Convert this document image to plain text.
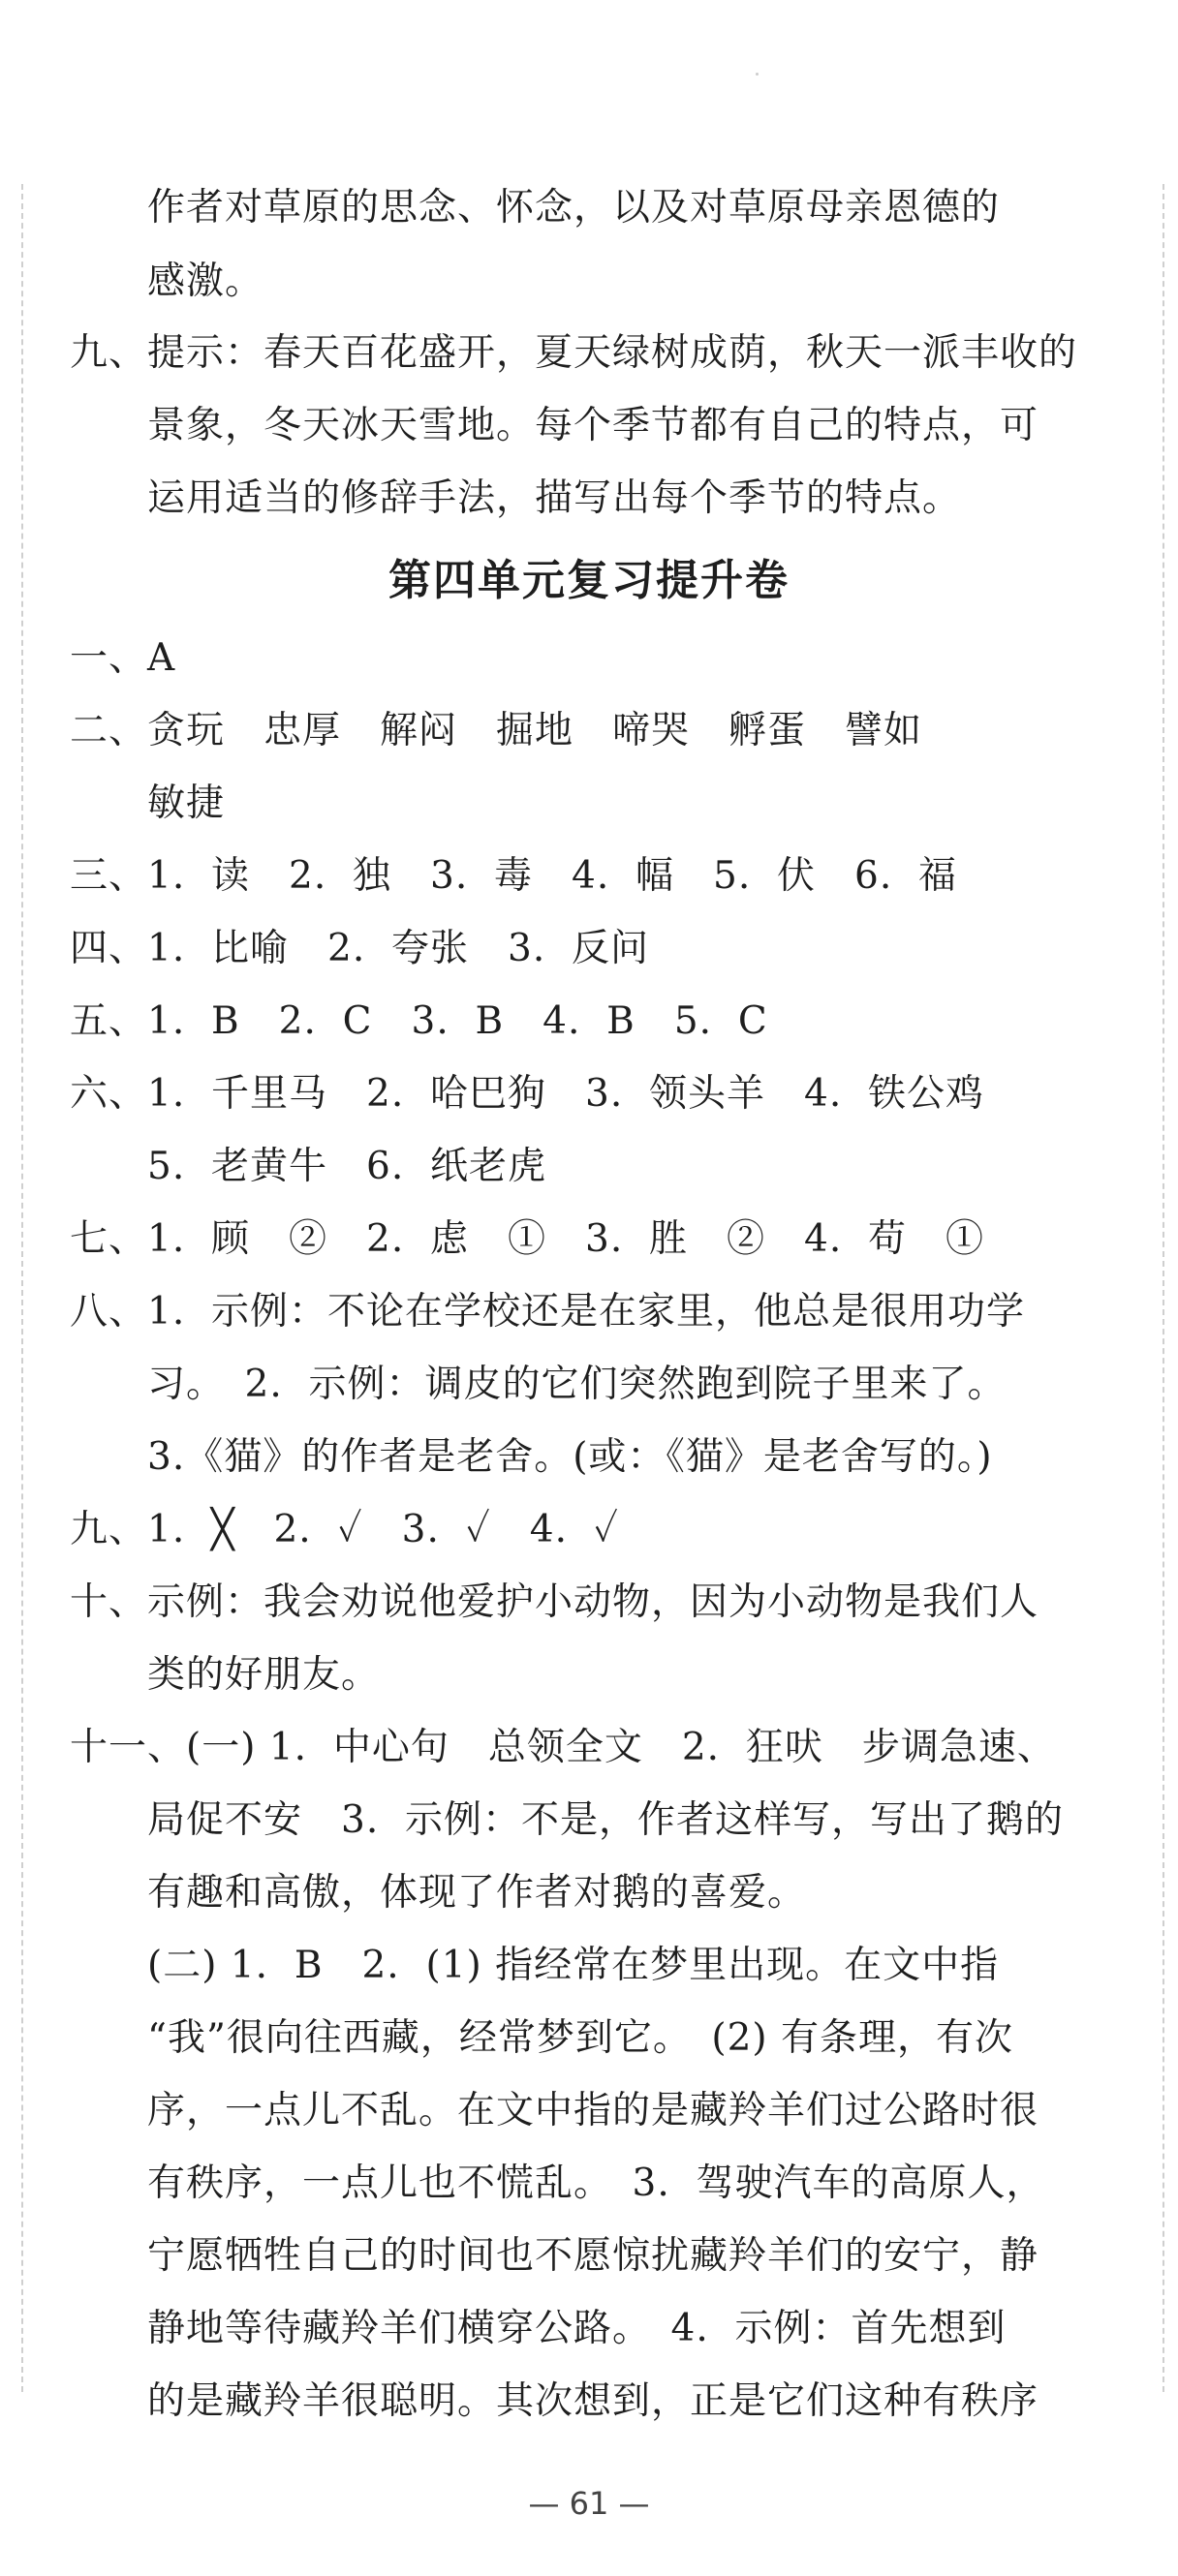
作者对草原的思念、怀念，以及对草原母亲恩德的
感激。
九、提示：春天百花盛开，夏天绿树成荫，秋天一派丰收的
景象，冬天冰天雪地。每个季节都有自己的特点，可
运用适当的修辞手法，描写出每个季节的特点。
第四单元复习提升卷
一、A
二、贪玩　忠厚　解闷　掘地　啼哭　孵蛋　譬如
敏捷
三、1.  读　2.  独　3.  毒　4.  幅　5.  伏　6.  福
四、1.  比喻　2.  夸张　3.  反问
五、1.  B　2.  C　3.  B　4.  B　5.  C
六、1.  千里马　2.  哈巴狗　3.  领头羊　4.  铁公鸡
5.  老黄牛　6.  纸老虎
七、1.  顾　②　2.  虑　①　3.  胜　②　4.  苟　①
八、1.  示例：不论在学校还是在家里，他总是很用功学
习。　2.  示例：调皮的它们突然跑到院子里来了。
3.《猫》的作者是老舍。(或：《猫》是老舍写的。)
九、1.  ╳　2.  ✓　3.  ✓　4.  ✓
十、示例：我会劝说他爱护小动物，因为小动物是我们人
类的好朋友。
十一、(一) 1.  中心句　总领全文　2.  狂吠　步调急速、
局促不安　3.  示例：不是，作者这样写，写出了鹅的
有趣和高傲，体现了作者对鹅的喜爱。
(二) 1.  B　2.  (1) 指经常在梦里出现。在文中指
“我”很向往西藏，经常梦到它。　(2) 有条理，有次
序，一点儿不乱。在文中指的是藏羚羊们过公路时很
有秩序，一点儿也不慌乱。　3.  驾驶汽车的高原人，
宁愿牺牲自己的时间也不愿惊扰藏羚羊们的安宁，静
静地等待藏羚羊们横穿公路。　4.  示例：首先想到
的是藏羚羊很聪明。其次想到，正是它们这种有秩序
— 61 —
